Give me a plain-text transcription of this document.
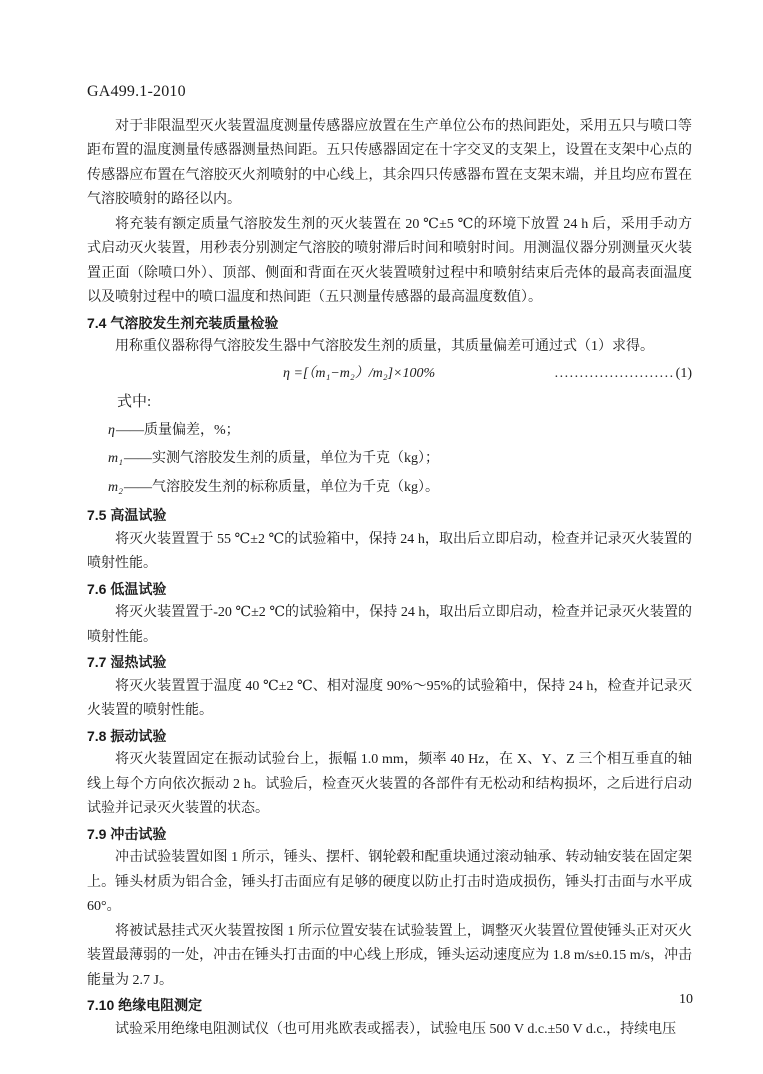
GA499.1-2010

对于非限温型灭火装置温度测量传感器应放置在生产单位公布的热间距处，采用五只与喷口等距布置的温度测量传感器测量热间距。五只传感器固定在十字交叉的支架上，设置在支架中心点的传感器应布置在气溶胶灭火剂喷射的中心线上，其余四只传感器布置在支架末端，并且均应布置在气溶胶喷射的路径以内。

将充装有额定质量气溶胶发生剂的灭火装置在 20 ℃±5 ℃的环境下放置 24 h 后，采用手动方式启动灭火装置，用秒表分别测定气溶胶的喷射滞后时间和喷射时间。用测温仪器分别测量灭火装置正面（除喷口外）、顶部、侧面和背面在灭火装置喷射过程中和喷射结束后壳体的最高表面温度以及喷射过程中的喷口温度和热间距（五只测量传感器的最高温度数值）。

7.4 气溶胶发生剂充装质量检验

用称重仪器称得气溶胶发生器中气溶胶发生剂的质量，其质量偏差可通过式（1）求得。

η =[（m₁−m₂）/m₂]×100%	........................ (1)

式中:

η——质量偏差，%；

m₁——实测气溶胶发生剂的质量，单位为千克（kg）；

m₂——气溶胶发生剂的标称质量，单位为千克（kg）。

7.5 高温试验

将灭火装置置于 55 ℃±2 ℃的试验箱中，保持 24 h，取出后立即启动，检查并记录灭火装置的喷射性能。

7.6 低温试验

将灭火装置置于-20 ℃±2 ℃的试验箱中，保持 24 h，取出后立即启动，检查并记录灭火装置的喷射性能。

7.7 湿热试验

将灭火装置置于温度 40 ℃±2 ℃、相对湿度 90%～95%的试验箱中，保持 24 h，检查并记录灭火装置的喷射性能。

7.8 振动试验

将灭火装置固定在振动试验台上，振幅 1.0 mm，频率 40 Hz，在 X、Y、Z 三个相互垂直的轴线上每个方向依次振动 2 h。试验后，检查灭火装置的各部件有无松动和结构损坏，之后进行启动试验并记录灭火装置的状态。

7.9 冲击试验

冲击试验装置如图 1 所示，锤头、摆杆、钢轮毂和配重块通过滚动轴承、转动轴安装在固定架上。锤头材质为铝合金，锤头打击面应有足够的硬度以防止打击时造成损伤，锤头打击面与水平成 60°。

将被试悬挂式灭火装置按图 1 所示位置安装在试验装置上，调整灭火装置位置使锤头正对灭火装置最薄弱的一处，冲击在锤头打击面的中心线上形成，锤头运动速度应为 1.8 m/s±0.15 m/s，冲击能量为 2.7 J。

7.10 绝缘电阻测定

试验采用绝缘电阻测试仪（也可用兆欧表或摇表），试验电压 500 V d.c.±50 V d.c.，持续电压

10
